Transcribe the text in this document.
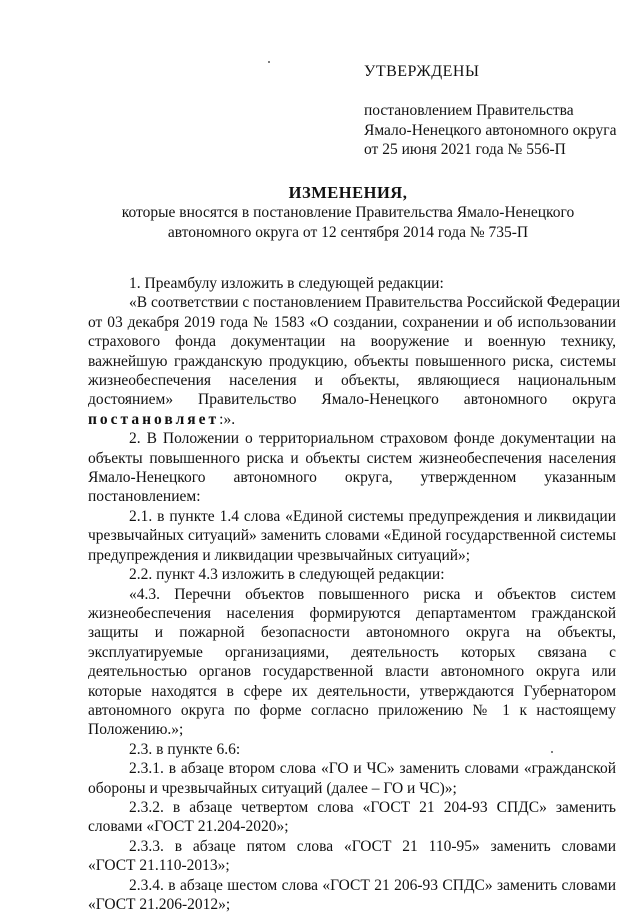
УТВЕРЖДЕНЫ
постановлением Правительства
Ямало-Ненецкого автономного округа
от 25 июня 2021 года № 556-П
ИЗМЕНЕНИЯ,
которые вносятся в постановление Правительства Ямало-Ненецкого
автономного округа от 12 сентября 2014 года № 735-П
1. Преамбулу изложить в следующей редакции:
«В соответствии с постановлением Правительства Российской Федерации
от 03 декабря 2019 года № 1583 «О создании, сохранении и об использовании
страхового фонда документации на вооружение и военную технику,
важнейшую гражданскую продукцию, объекты повышенного риска, системы
жизнеобеспечения населения и объекты, являющиеся национальным
достоянием» Правительство Ямало-Ненецкого автономного округа
постановляет:».
2. В Положении о территориальном страховом фонде документации на
объекты повышенного риска и объекты систем жизнеобеспечения населения
Ямало-Ненецкого автономного округа, утвержденном указанным
постановлением:
2.1. в пункте 1.4 слова «Единой системы предупреждения и ликвидации
чрезвычайных ситуаций» заменить словами «Единой государственной системы
предупреждения и ликвидации чрезвычайных ситуаций»;
2.2. пункт 4.3 изложить в следующей редакции:
«4.3. Перечни объектов повышенного риска и объектов систем
жизнеобеспечения населения формируются департаментом гражданской
защиты и пожарной безопасности автономного округа на объекты,
эксплуатируемые организациями, деятельность которых связана с
деятельностью органов государственной власти автономного округа или
которые находятся в сфере их деятельности, утверждаются Губернатором
автономного округа по форме согласно приложению № 1 к настоящему
Положению.»;
2.3. в пункте 6.6:
2.3.1. в абзаце втором слова «ГО и ЧС» заменить словами «гражданской
обороны и чрезвычайных ситуаций (далее – ГО и ЧС)»;
2.3.2. в абзаце четвертом слова «ГОСТ 21 204-93 СПДС» заменить
словами «ГОСТ 21.204-2020»;
2.3.3. в абзаце пятом слова «ГОСТ 21 110-95» заменить словами
«ГОСТ 21.110-2013»;
2.3.4. в абзаце шестом слова «ГОСТ 21 206-93 СПДС» заменить словами
«ГОСТ 21.206-2012»;
